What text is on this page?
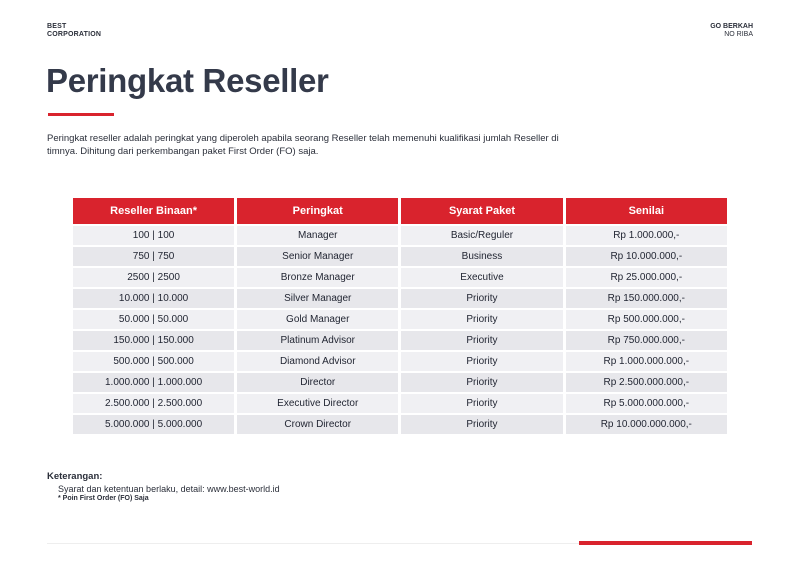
BEST
CORPORATION
GO BERKAH
NO RIBA
Peringkat Reseller

Peringkat reseller adalah peringkat yang diperoleh apabila seorang Reseller telah memenuhi kualifikasi jumlah Reseller di timnya. Dihitung dari perkembangan paket First Order (FO) saja.

Reseller Binaan*	Peringkat	Syarat Paket	Senilai
100 | 100	Manager	Basic/Reguler	Rp 1.000.000,-
750 | 750	Senior Manager	Business	Rp 10.000.000,-
2500 | 2500	Bronze Manager	Executive	Rp 25.000.000,-
10.000 | 10.000	Silver Manager	Priority	Rp 150.000.000,-
50.000 | 50.000	Gold Manager	Priority	Rp 500.000.000,-
150.000 | 150.000	Platinum Advisor	Priority	Rp 750.000.000,-
500.000 | 500.000	Diamond Advisor	Priority	Rp 1.000.000.000,-
1.000.000 | 1.000.000	Director	Priority	Rp 2.500.000.000,-
2.500.000 | 2.500.000	Executive Director	Priority	Rp 5.000.000.000,-
5.000.000 | 5.000.000	Crown Director	Priority	Rp 10.000.000.000,-
Keterangan:
Syarat dan ketentuan berlaku, detail: www.best-world.id
* Poin First Order (FO) Saja
